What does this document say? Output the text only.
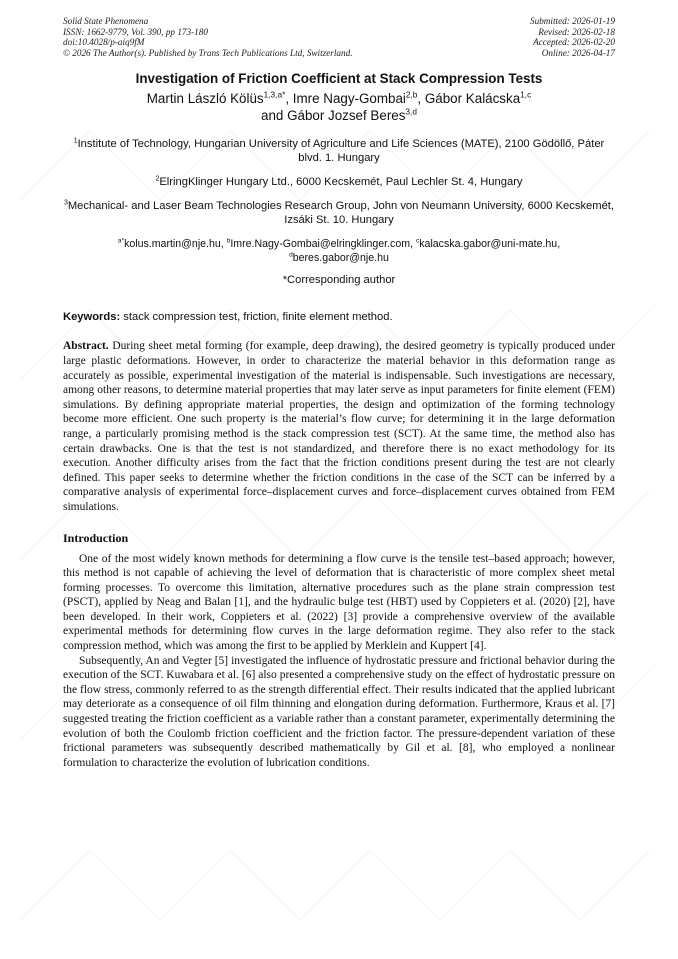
Solid State Phenomena
ISSN: 1662-9779, Vol. 390, pp 173-180
doi:10.4028/p-aiq9fM
© 2026 The Author(s). Published by Trans Tech Publications Ltd, Switzerland.
Submitted: 2026-01-19
Revised: 2026-02-18
Accepted: 2026-02-20
Online: 2026-04-17
Investigation of Friction Coefficient at Stack Compression Tests
Martin László Kölüs$^{1,3,a*}$, Imre Nagy-Gombai$^{2,b}$, Gábor Kalácska$^{1,c}$
and Gábor Jozsef Beres$^{3,d}$
$^1$Institute of Technology, Hungarian University of Agriculture and Life Sciences (MATE), 2100 Gödöllő, Páter blvd. 1. Hungary
$^2$ElringKlinger Hungary Ltd., 6000 Kecskemét, Paul Lechler St. 4, Hungary
$^3$Mechanical- and Laser Beam Technologies Research Group, John von Neumann University, 6000 Kecskemét, Izsáki St. 10. Hungary
$^{a*}$kolus.martin@nje.hu, $^b$Imre.Nagy-Gombai@elringklinger.com, $^c$kalacska.gabor@uni-mate.hu,
$^d$beres.gabor@nje.hu
*Corresponding author
Keywords: stack compression test, friction, finite element method.
Abstract. During sheet metal forming (for example, deep drawing), the desired geometry is typically produced under large plastic deformations. However, in order to characterize the material behavior in this deformation range as accurately as possible, experimental investigation of the material is indispensable. Such investigations are necessary, among other reasons, to determine material properties that may later serve as input parameters for finite element (FEM) simulations. By defining appropriate material properties, the design and optimization of the forming technology become more efficient. One such property is the material’s flow curve; for determining it in the large deformation range, a particularly promising method is the stack compression test (SCT). At the same time, the method also has certain drawbacks. One is that the test is not standardized, and therefore there is no exact methodology for its execution. Another difficulty arises from the fact that the friction conditions present during the test are not clearly defined. This paper seeks to determine whether the friction conditions in the case of the SCT can be inferred by a comparative analysis of experimental force–displacement curves and force–displacement curves obtained from FEM simulations.
Introduction

One of the most widely known methods for determining a flow curve is the tensile test–based approach; however, this method is not capable of achieving the level of deformation that is characteristic of more complex sheet metal forming processes. To overcome this limitation, alternative procedures such as the plane strain compression test (PSCT), applied by Neag and Balan [1], and the hydraulic bulge test (HBT) used by Coppieters et al. (2020) [2], have been developed. In their work, Coppieters et al. (2022) [3] provide a comprehensive overview of the available experimental methods for determining flow curves in the large deformation regime. They also refer to the stack compression method, which was among the first to be applied by Merklein and Kuppert [4].

Subsequently, An and Vegter [5] investigated the influence of hydrostatic pressure and frictional behavior during the execution of the SCT. Kuwabara et al. [6] also presented a comprehensive study on the effect of hydrostatic pressure on the flow stress, commonly referred to as the strength differential effect. Their results indicated that the applied lubricant may deteriorate as a consequence of oil film thinning and elongation during deformation. Furthermore, Kraus et al. [7] suggested treating the friction coefficient as a variable rather than a constant parameter, experimentally determining the evolution of both the Coulomb friction coefficient and the friction factor. The pressure-dependent variation of these frictional parameters was subsequently described mathematically by Gil et al. [8], who employed a nonlinear formulation to characterize the evolution of lubrication conditions.
